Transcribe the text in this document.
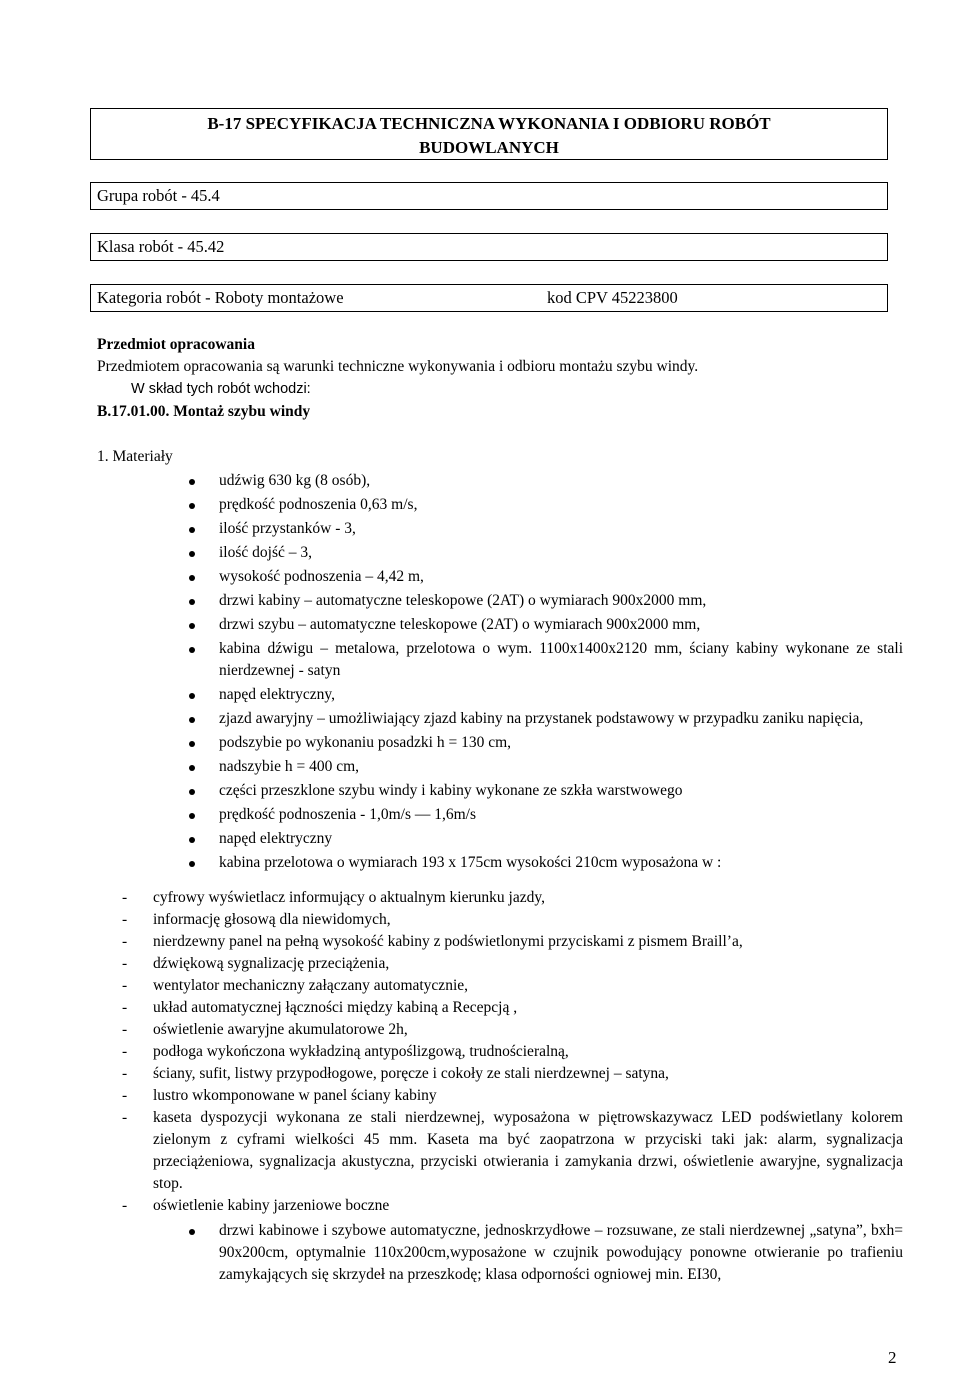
B-17 SPECYFIKACJA TECHNICZNA WYKONANIA I ODBIORU ROBÓT
BUDOWLANYCH
Grupa robót - 45.4
Klasa robót - 45.42
Kategoria robót - Roboty montażowe	kod CPV 45223800
Przedmiot opracowania
Przedmiotem opracowania są warunki techniczne wykonywania i odbioru montażu szybu windy.
W skład tych robót wchodzi:
B.17.01.00. Montaż szybu windy
1. Materiały
udźwig 630 kg (8 osób),
prędkość podnoszenia 0,63 m/s,
ilość przystanków - 3,
ilość dojść – 3,
wysokość podnoszenia – 4,42 m,
drzwi kabiny – automatyczne teleskopowe (2AT) o wymiarach 900x2000 mm,
drzwi szybu – automatyczne teleskopowe (2AT) o wymiarach 900x2000 mm,
kabina dźwigu – metalowa, przelotowa o wym. 1100x1400x2120 mm, ściany kabiny wykonane ze stali nierdzewnej - satyn
napęd elektryczny,
zjazd awaryjny – umożliwiający zjazd kabiny na przystanek podstawowy w przypadku zaniku napięcia,
podszybie po wykonaniu posadzki h = 130 cm,
nadszybie h = 400 cm,
części przeszklone szybu windy i kabiny wykonane ze szkła warstwowego
prędkość podnoszenia - 1,0m/s — 1,6m/s
napęd elektryczny
kabina przelotowa o wymiarach 193 x 175cm wysokości 210cm wyposażona w :
- cyfrowy wyświetlacz informujący o aktualnym kierunku jazdy,
- informację głosową dla niewidomych,
- nierdzewny panel na pełną wysokość kabiny z podświetlonymi przyciskami z pismem Braill’a,
- dźwiękową sygnalizację przeciążenia,
- wentylator mechaniczny załączany automatycznie,
- układ automatycznej łączności między kabiną a Recepcją ,
- oświetlenie awaryjne akumulatorowe 2h,
- podłoga wykończona wykładziną antypoślizgową, trudnościeralną,
- ściany, sufit, listwy przypodłogowe, poręcze i cokoły ze stali nierdzewnej – satyna,
- lustro wkomponowane w panel ściany kabiny
- kaseta dyspozycji wykonana ze stali nierdzewnej, wyposażona w piętrowskazywacz LED podświetlany kolorem zielonym z cyframi wielkości 45 mm. Kaseta ma być zaopatrzona w przyciski taki jak: alarm, sygnalizacja przeciążeniowa, sygnalizacja akustyczna, przyciski otwierania i zamykania drzwi, oświetlenie awaryjne, sygnalizacja stop.
- oświetlenie kabiny jarzeniowe boczne
drzwi kabinowe i szybowe automatyczne, jednoskrzydłowe – rozsuwane, ze stali nierdzewnej „satyna”, bxh= 90x200cm, optymalnie 110x200cm,wyposażone w czujnik powodujący ponowne otwieranie po trafieniu zamykających się skrzydeł na przeszkodę; klasa odporności ogniowej min. EI30,
2
